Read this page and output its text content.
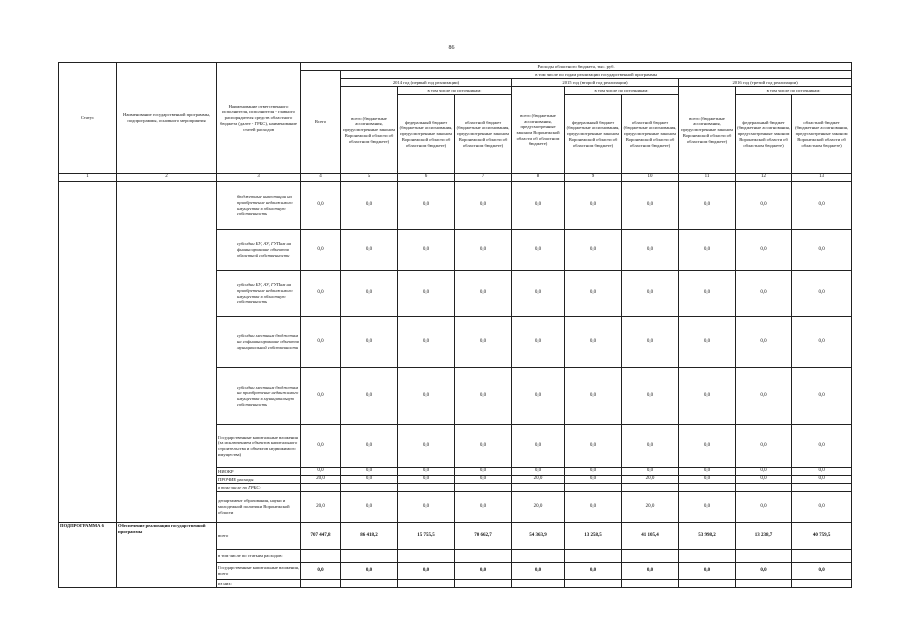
86
Статус	Наименование государственной программы, подпрограммы, основного мероприятия	Наименование ответственного исполнителя, исполнителя - главного распорядителя средств областного бюджета (далее - ГРБС), наименование статей расходов	Расходы областного бюджета, тыс. руб.									
			Всего	в том числе по годам реализации государственной программы								
				2014 год (первый год реализации)			2015 год (второй год реализации)			2016 год (третий год реализации)		
				всего (бюджетные ассигнования, предусмотренные законом Воронежской области об областном бюджете)	в том числе по источникам:		всего (бюджетные ассигнования, предусмотренные законом Воронежской области об областном бюджете)	в том числе по источникам:		всего (бюджетные ассигнования, предусмотренные законом Воронежской области об областном бюджете)	в том числе по источникам:	
					федеральный бюджет (бюджетные ассигнования, предусмотренные законом Воронежской области об областном бюджете)	областной бюджет (бюджетные ассигнования, предусмотренные законом Воронежской области об областном бюджете)		федеральный бюджет (бюджетные ассигнования, предусмотренные законом Воронежской области об областном бюджете)	областной бюджет (бюджетные ассигнования, предусмотренные законом Воронежской области об областном бюджете)		федеральный бюджет (бюджетные ассигнования, предусмотренные законом Воронежской области об областном бюджете)	областной бюджет (бюджетные ассигнования, предусмотренные законом Воронежской области об областном бюджете)
1	2	3	4	5	6	7	8	9	10	11	12	13
		бюджетные инвестиции на приобретение недвижимого имущества в областную собственность	0,0	0,0	0,0	0,0	0,0	0,0	0,0	0,0	0,0	0,0
		субсидии БУ, АУ, ГУПам на финансирование объектов областной собственности	0,0	0,0	0,0	0,0	0,0	0,0	0,0	0,0	0,0	0,0
		субсидии БУ, АУ, ГУПам на приобретение недвижимого имущества в областную собственность	0,0	0,0	0,0	0,0	0,0	0,0	0,0	0,0	0,0	0,0
		субсидии местным бюджетам на софинансирование объектов муниципальной собственности	0,0	0,0	0,0	0,0	0,0	0,0	0,0	0,0	0,0	0,0
		субсидии местным бюджетам на приобретение недвижимого имущества в муниципальную собственность	0,0	0,0	0,0	0,0	0,0	0,0	0,0	0,0	0,0	0,0
		Государственные капитальные вложения (за исключением объектов капитального строительства и объектов недвижимого имущества)	0,0	0,0	0,0	0,0	0,0	0,0	0,0	0,0	0,0	0,0
		НИОКР	0,0	0,0	0,0	0,0	0,0	0,0	0,0	0,0	0,0	0,0
		ПРОЧИЕ расходы	20,0	0,0	0,0	0,0	20,0	0,0	20,0	0,0	0,0	0,0
		в том числе по ГРБС:										
		департамент образования, науки и молодежной политики Воронежской области	20,0	0,0	0,0	0,0	20,0	0,0	20,0	0,0	0,0	0,0
ПОДПРОГРАММА 6	Обеспечение реализации государственной программы	всего	707 447,8	86 418,2	15 755,5	70 662,7	54 363,9	13 258,5	41 105,4	53 998,2	13 238,7	40 759,5
		в том числе по статьям расходов:										
		Государственные капитальные вложения, всего	0,0	0,0	0,0	0,0	0,0	0,0	0,0	0,0	0,0	0,0
		из них:										
